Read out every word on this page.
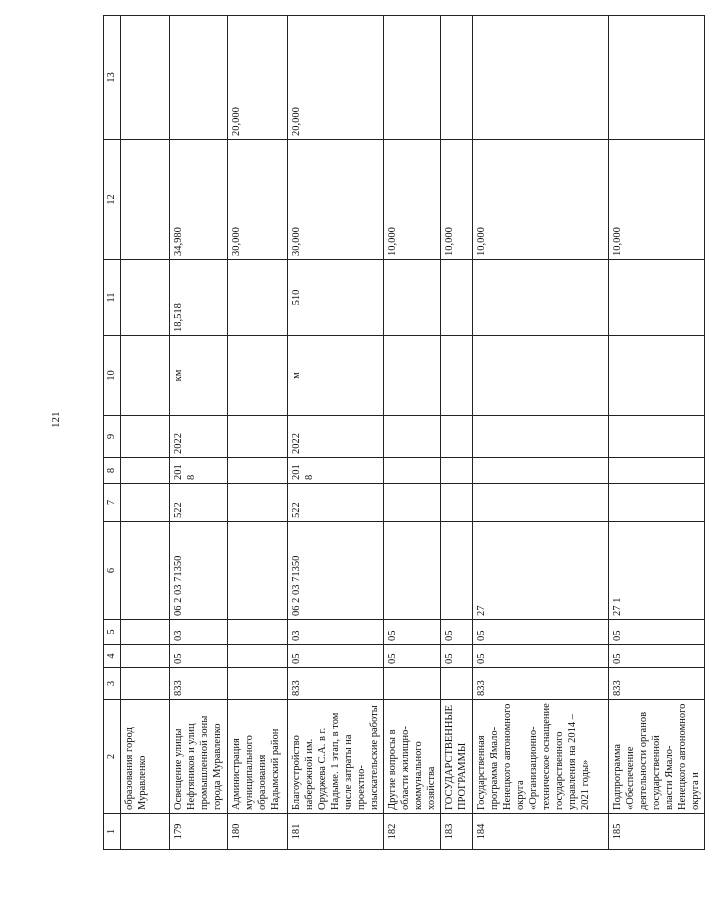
121
1	2	3	4	5	6	7	8	9	10	11	12	13
	образования город Муравленко											
179	Освещение улицы Нефтяников и улиц промышленной зоны города Муравленко	833	05	03	06 2 03 71350	522	2018	2022	км	18,518	34,980	
180	Администрация муниципального образования Надымский район										30,000	20,000
181	Благоустройство набережной им. Оруджева С.А. в г. Надыме. 1 этап, в том числе затраты на проектно-изыскательские работы	833	05	03	06 2 03 71350	522	2018	2022	м	510	30,000	20,000
182	Другие вопросы в области жилищно-коммунального хозяйства		05	05							10,000	
183	ГОСУДАРСТВЕННЫЕ ПРОГРАММЫ		05	05							10,000	
184	Государственная программа Ямало-Ненецкого автономного округа «Организационно-техническое оснащение государственного управления на 2014 – 2021 годы»	833	05	05	27						10,000	
185	Подпрограмма «Обеспечение деятельности органов государственной власти Ямало-Ненецкого автономного округа и	833	05	05	27 1						10,000	
